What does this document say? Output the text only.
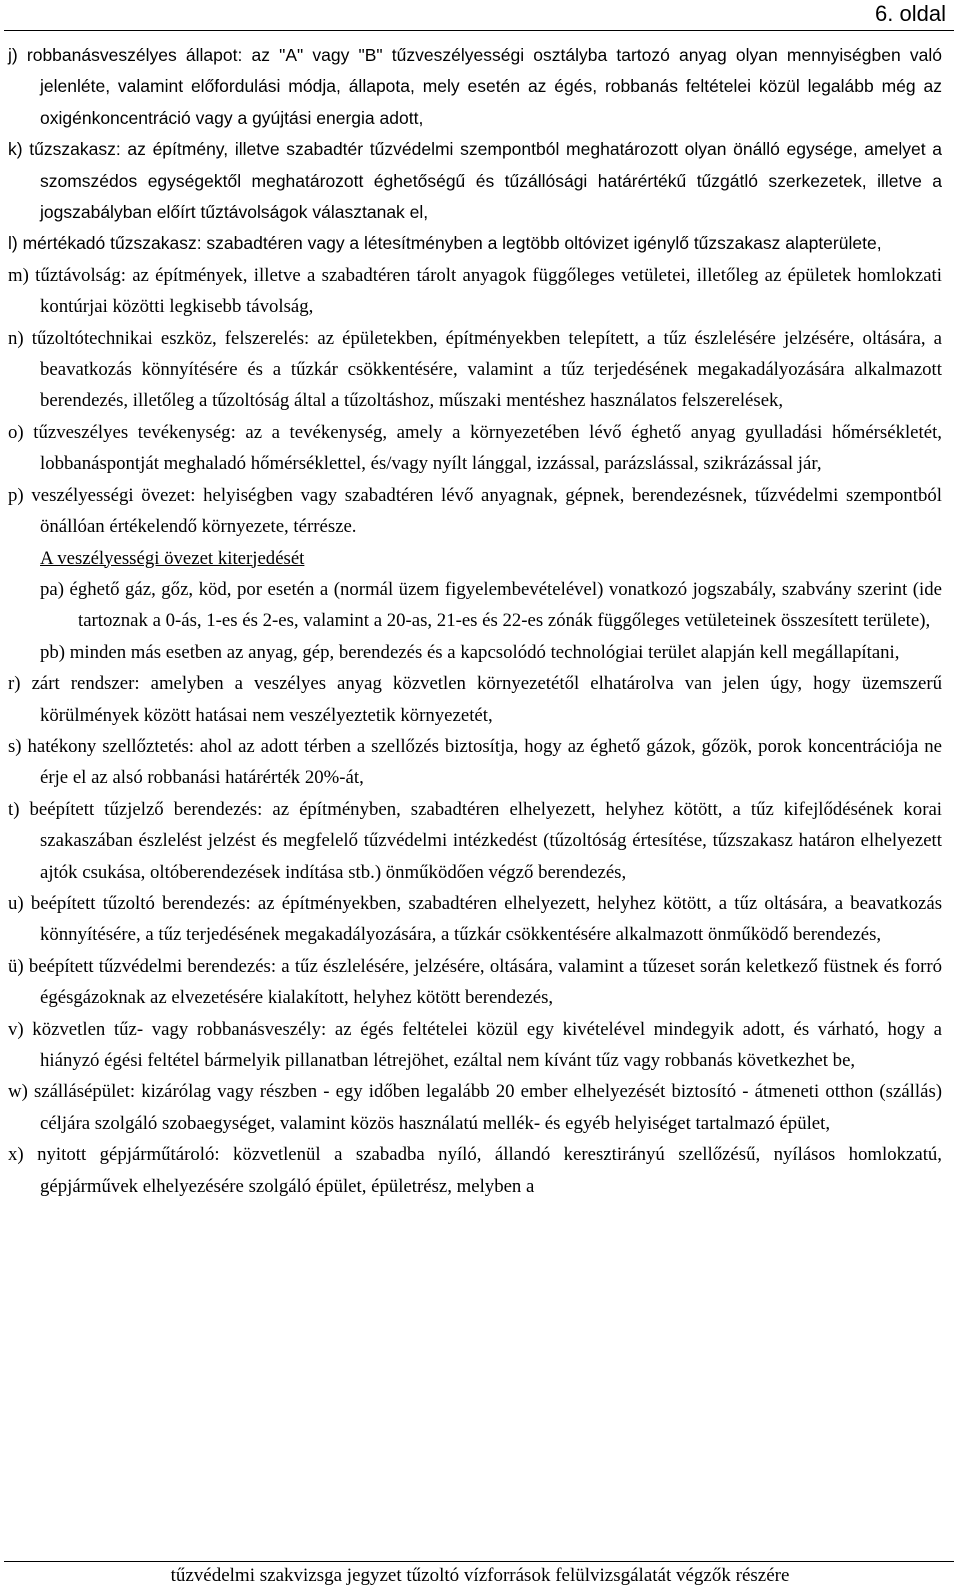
6. oldal

j) robbanásveszélyes állapot: az "A" vagy "B" tűzveszélyességi osztályba tartozó anyag olyan mennyiségben való jelenléte, valamint előfordulási módja, állapota, mely esetén az égés, robbanás feltételei közül legalább még az oxigénkoncentráció vagy a gyújtási energia adott,

k) tűzszakasz: az építmény, illetve szabadtér tűzvédelmi szempontból meghatározott olyan önálló egysége, amelyet a szomszédos egységektől meghatározott éghetőségű és tűzállósági határértékű tűzgátló szerkezetek, illetve a jogszabályban előírt tűztávolságok választanak el,

l) mértékadó tűzszakasz: szabadtéren vagy a létesítményben a legtöbb oltóvizet igénylő tűzszakasz alapterülete,

m) tűztávolság: az építmények, illetve a szabadtéren tárolt anyagok függőleges vetületei, illetőleg az épületek homlokzati kontúrjai közötti legkisebb távolság,

n) tűzoltótechnikai eszköz, felszerelés: az épületekben, építményekben telepített, a tűz észlelésére jelzésére, oltására, a beavatkozás könnyítésére és a tűzkár csökkentésére, valamint a tűz terjedésének megakadályozására alkalmazott berendezés, illetőleg a tűzoltóság által a tűzoltáshoz, műszaki mentéshez használatos felszerelések,

o) tűzveszélyes tevékenység: az a tevékenység, amely a környezetében lévő éghető anyag gyulladási hőmérsékletét, lobbanáspontját meghaladó hőmérséklettel, és/vagy nyílt lánggal, izzással, parázslással, szikrázással jár,

p) veszélyességi övezet: helyiségben vagy szabadtéren lévő anyagnak, gépnek, berendezésnek, tűzvédelmi szempontból önállóan értékelendő környezete, térrésze.

A veszélyességi övezet kiterjedését

pa) éghető gáz, gőz, köd, por esetén a (normál üzem figyelembevételével) vonatkozó jogszabály, szabvány szerint (ide tartoznak a 0-ás, 1-es és 2-es, valamint a 20-as, 21-es és 22-es zónák függőleges vetületeinek összesített területe),

pb) minden más esetben az anyag, gép, berendezés és a kapcsolódó technológiai terület alapján kell megállapítani,

r) zárt rendszer: amelyben a veszélyes anyag közvetlen környezetétől elhatárolva van jelen úgy, hogy üzemszerű körülmények között hatásai nem veszélyeztetik környezetét,

s) hatékony szellőztetés: ahol az adott térben a szellőzés biztosítja, hogy az éghető gázok, gőzök, porok koncentrációja ne érje el az alsó robbanási határérték 20%-át,

t) beépített tűzjelző berendezés: az építményben, szabadtéren elhelyezett, helyhez kötött, a tűz kifejlődésének korai szakaszában észlelést jelzést és megfelelő tűzvédelmi intézkedést (tűzoltóság értesítése, tűzszakasz határon elhelyezett ajtók csukása, oltóberendezések indítása stb.) önműködően végző berendezés,

u) beépített tűzoltó berendezés: az építményekben, szabadtéren elhelyezett, helyhez kötött, a tűz oltására, a beavatkozás könnyítésére, a tűz terjedésének megakadályozására, a tűzkár csökkentésére alkalmazott önműködő berendezés,

ü) beépített tűzvédelmi berendezés: a tűz észlelésére, jelzésére, oltására, valamint a tűzeset során keletkező füstnek és forró égésgázoknak az elvezetésére kialakított, helyhez kötött berendezés,

v) közvetlen tűz- vagy robbanásveszély: az égés feltételei közül egy kivételével mindegyik adott, és várható, hogy a hiányzó égési feltétel bármelyik pillanatban létrejöhet, ezáltal nem kívánt tűz vagy robbanás következhet be,

w) szállásépület: kizárólag vagy részben - egy időben legalább 20 ember elhelyezését biztosító - átmeneti otthon (szállás) céljára szolgáló szobaegységet, valamint közös használatú mellék- és egyéb helyiséget tartalmazó épület,

x) nyitott gépjárműtároló: közvetlenül a szabadba nyíló, állandó keresztirányú szellőzésű, nyílásos homlokzatú, gépjárművek elhelyezésére szolgáló épület, épületrész, melyben a

tűzvédelmi szakvizsga jegyzet tűzoltó vízforrások felülvizsgálatát végzők részére
